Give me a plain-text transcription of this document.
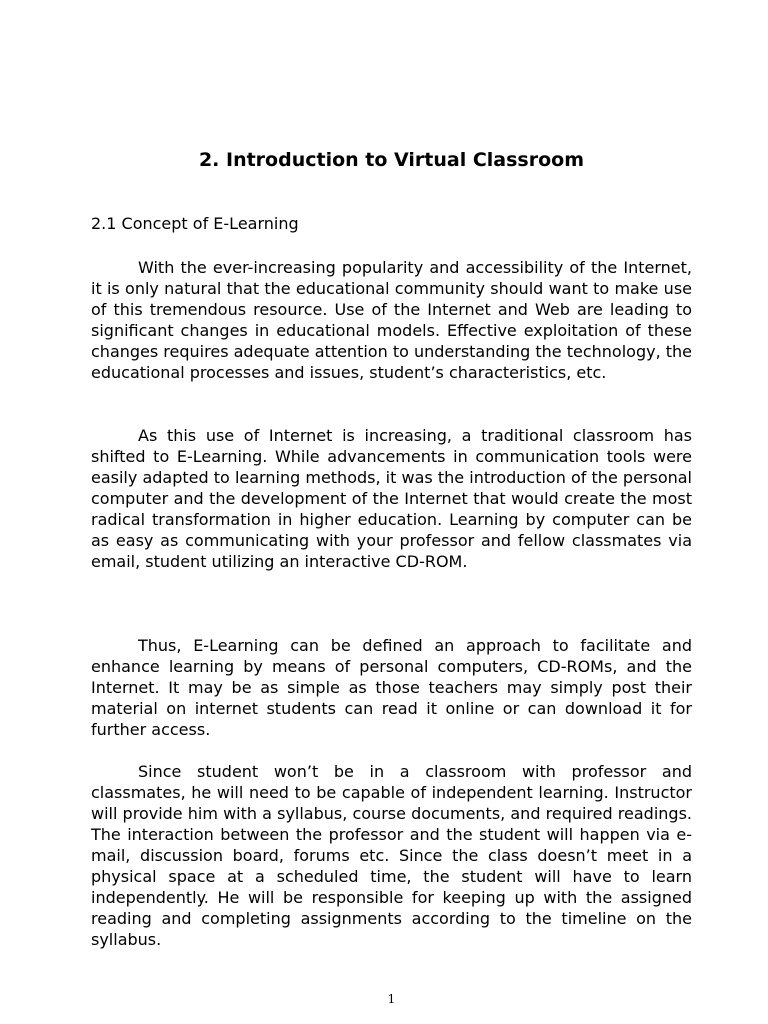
2. Introduction to Virtual Classroom
2.1 Concept of E-Learning

With the ever-increasing popularity and accessibility of the Internet, it is only natural that the educational community should want to make use of this tremendous resource. Use of the Internet and Web are leading to significant changes in educational models. Effective exploitation of these changes requires adequate attention to understanding the technology, the educational processes and issues, student’s characteristics, etc.

As this use of Internet is increasing, a traditional classroom has shifted to E-Learning. While advancements in communication tools were easily adapted to learning methods, it was the introduction of the personal computer and the development of the Internet that would create the most radical transformation in higher education. Learning by computer can be as easy as communicating with your professor and fellow classmates via email, student utilizing an interactive CD-ROM.

Thus, E-Learning can be defined an approach to facilitate and enhance learning by means of personal computers, CD-ROMs, and the Internet. It may be as simple as those teachers may simply post their material on internet students can read it online or can download it for further access.

Since student won’t be in a classroom with professor and classmates, he will need to be capable of independent learning. Instructor will provide him with a syllabus, course documents, and required readings. The interaction between the professor and the student will happen via e-mail, discussion board, forums etc. Since the class doesn’t meet in a physical space at a scheduled time, the student will have to learn independently. He will be responsible for keeping up with the assigned reading and completing assignments according to the timeline on the syllabus.

1
